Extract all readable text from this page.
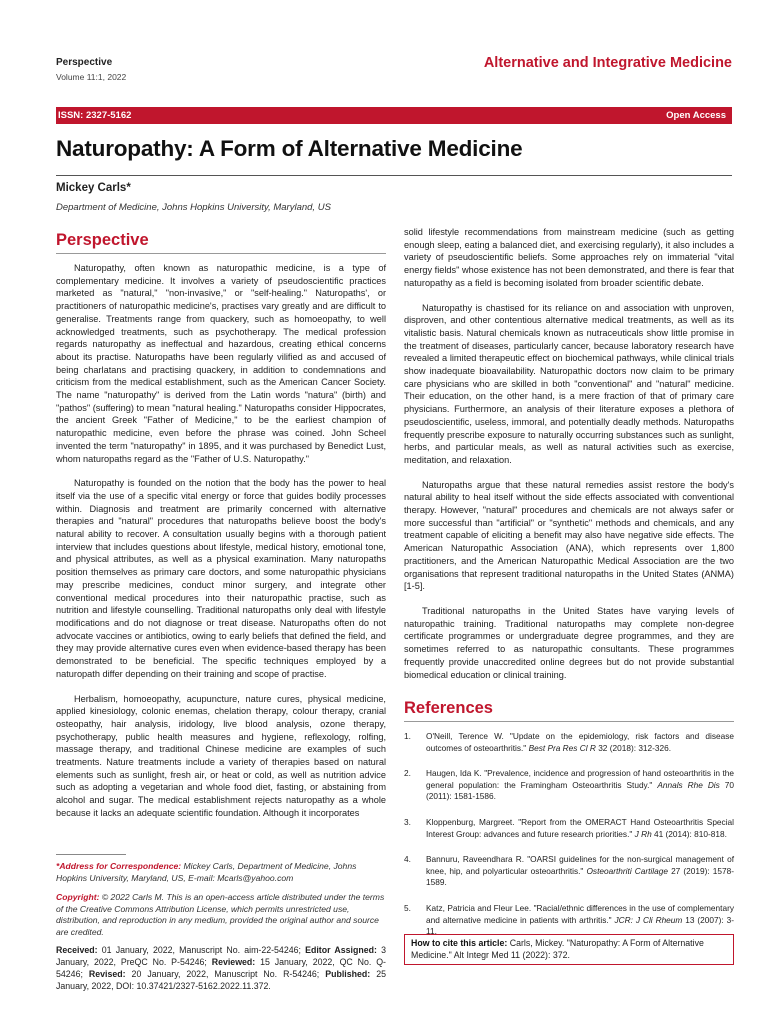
Perspective
Volume 11:1, 2022
Alternative and Integrative Medicine
ISSN: 2327-5162	Open Access
Naturopathy: A Form of Alternative Medicine
Mickey Carls*
Department of Medicine, Johns Hopkins University, Maryland, US
Perspective

Naturopathy, often known as naturopathic medicine, is a type of complementary medicine. It involves a variety of pseudoscientific practices marketed as "natural," "non-invasive," or "self-healing." Naturopaths', or practitioners of naturopathic medicine's, practises vary greatly and are difficult to generalise. Treatments range from quackery, such as homoeopathy, to well acknowledged treatments, such as psychotherapy. The medical profession regards naturopathy as ineffectual and hazardous, creating ethical concerns about its practise. Naturopaths have been regularly vilified as and accused of being charlatans and practising quackery, in addition to condemnations and criticism from the medical establishment, such as the American Cancer Society. The name "naturopathy" is derived from the Latin words "natura" (birth) and "pathos" (suffering) to mean "natural healing." Naturopaths consider Hippocrates, the ancient Greek "Father of Medicine," to be the earliest champion of naturopathic medicine, even before the phrase was coined. John Scheel invented the term "naturopathy" in 1895, and it was purchased by Benedict Lust, whom naturopaths regard as the "Father of U.S. Naturopathy."

Naturopathy is founded on the notion that the body has the power to heal itself via the use of a specific vital energy or force that guides bodily processes within. Diagnosis and treatment are primarily concerned with alternative therapies and "natural" procedures that naturopaths believe boost the body's natural ability to recover. A consultation usually begins with a thorough patient interview that includes questions about lifestyle, medical history, emotional tone, and physical attributes, as well as a physical examination. Many naturopaths position themselves as primary care doctors, and some naturopathic physicians may prescribe medicines, conduct minor surgery, and integrate other conventional medical procedures into their naturopathic practise, such as nutrition and lifestyle counselling. Traditional naturopaths only deal with lifestyle modifications and do not diagnose or treat disease. Naturopaths often do not advocate vaccines or antibiotics, owing to early beliefs that defined the field, and they may provide alternative cures even when evidence-based therapy has been demonstrated to be beneficial. The specific techniques employed by a naturopath differ depending on their training and scope of practise.

Herbalism, homoeopathy, acupuncture, nature cures, physical medicine, applied kinesiology, colonic enemas, chelation therapy, colour therapy, cranial osteopathy, hair analysis, iridology, live blood analysis, ozone therapy, psychotherapy, public health measures and hygiene, reflexology, rolfing, massage therapy, and traditional Chinese medicine are examples of such treatments. Nature treatments include a variety of therapies based on natural elements such as sunlight, fresh air, or heat or cold, as well as nutrition advice such as adopting a vegetarian and whole food diet, fasting, or abstaining from alcohol and sugar. The medical establishment rejects naturopathy as a whole because it lacks an adequate scientific foundation. Although it incorporates

solid lifestyle recommendations from mainstream medicine (such as getting enough sleep, eating a balanced diet, and exercising regularly), it also includes a variety of pseudoscientific beliefs. Some approaches rely on immaterial "vital energy fields" whose existence has not been demonstrated, and there is fear that naturopathy as a field is becoming isolated from broader scientific debate.

Naturopathy is chastised for its reliance on and association with unproven, disproven, and other contentious alternative medical treatments, as well as its vitalistic basis. Natural chemicals known as nutraceuticals show little promise in the treatment of diseases, particularly cancer, because laboratory research have revealed a limited therapeutic effect on biochemical pathways, while clinical trials show inadequate bioavailability. Naturopathic doctors now claim to be primary care physicians who are skilled in both "conventional" and "natural" medicine. Their education, on the other hand, is a mere fraction of that of primary care physicians. Furthermore, an analysis of their literature exposes a plethora of pseudoscientific, useless, immoral, and potentially deadly methods. Naturopaths frequently prescribe exposure to naturally occurring substances such as sunlight, herbs, and particular meals, as well as natural activities such as exercise, meditation, and relaxation.

Naturopaths argue that these natural remedies assist restore the body's natural ability to heal itself without the side effects associated with conventional therapy. However, "natural" procedures and chemicals are not always safer or more successful than "artificial" or "synthetic" methods and chemicals, and any treatment capable of eliciting a benefit may also have negative side effects. The American Naturopathic Association (ANA), which represents over 1,800 practitioners, and the American Naturopathic Medical Association are the two organisations that represent traditional naturopaths in the United States (ANMA) [1-5].

Traditional naturopaths in the United States have varying levels of naturopathic training. Traditional naturopaths may complete non-degree certificate programmes or undergraduate degree programmes, and they are sometimes referred to as naturopathic consultants. These programmes frequently provide unaccredited online degrees but do not provide substantial biomedical education or clinical training.

References
1.	O'Neill, Terence W. "Update on the epidemiology, risk factors and disease outcomes of osteoarthritis." Best Pra Res Cl R 32 (2018): 312-326.
2.	Haugen, Ida K. "Prevalence, incidence and progression of hand osteoarthritis in the general population: the Framingham Osteoarthritis Study." Annals Rhe Dis 70 (2011): 1581-1586.
3.	Kloppenburg, Margreet. "Report from the OMERACT Hand Osteoarthritis Special Interest Group: advances and future research priorities." J Rh 41 (2014): 810-818.
4.	Bannuru, Raveendhara R. "OARSI guidelines for the non-surgical management of knee, hip, and polyarticular osteoarthritis." Osteoarthriti Cartilage 27 (2019): 1578-1589.
5.	Katz, Patricia and Fleur Lee. "Racial/ethnic differences in the use of complementary and alternative medicine in patients with arthritis." JCR: J Cli Rheum 13 (2007): 3-11.
*Address for Correspondence: Mickey Carls, Department of Medicine, Johns Hopkins University, Maryland, US, E-mail: Mcarls@yahoo.com
Copyright: © 2022 Carls M. This is an open-access article distributed under the terms of the Creative Commons Attribution License, which permits unrestricted use, distribution, and reproduction in any medium, provided the original author and source are credited.
Received: 01 January, 2022, Manuscript No. aim-22-54246; Editor Assigned: 3 January, 2022, PreQC No. P-54246; Reviewed: 15 January, 2022, QC No. Q-54246; Revised: 20 January, 2022, Manuscript No. R-54246; Published: 25 January, 2022, DOI: 10.37421/2327-5162.2022.11.372.
How to cite this article: Carls, Mickey. "Naturopathy: A Form of Alternative Medicine." Alt Integr Med 11 (2022): 372.
